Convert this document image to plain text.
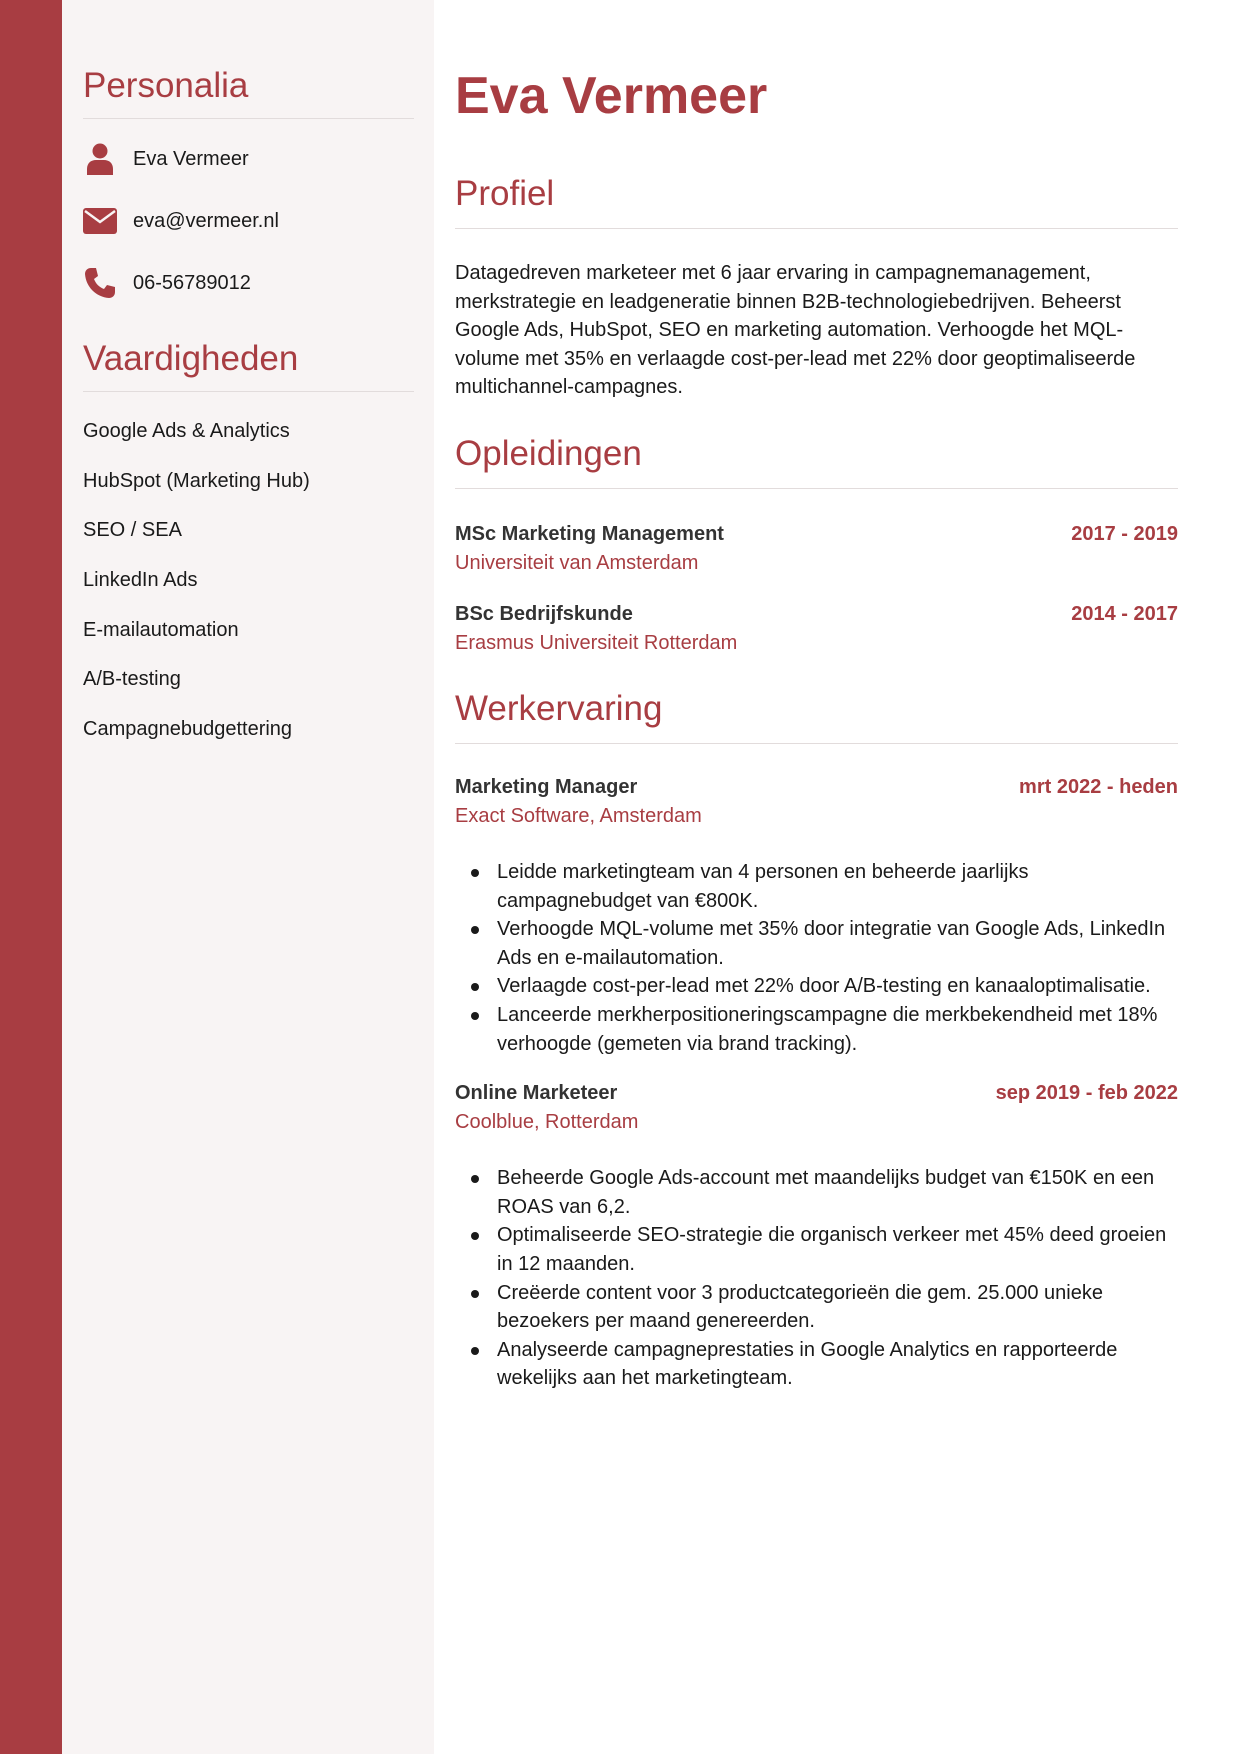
Personalia
Eva Vermeer
eva@vermeer.nl
06-56789012
Vaardigheden
Google Ads & Analytics
HubSpot (Marketing Hub)
SEO / SEA
LinkedIn Ads
E-mailautomation
A/B-testing
Campagnebudgettering
Eva Vermeer
Profiel

Datagedreven marketeer met 6 jaar ervaring in campagnemanagement, merkstrategie en leadgeneratie binnen B2B-technologiebedrijven. Beheerst Google Ads, HubSpot, SEO en marketing automation. Verhoogde het MQL-volume met 35% en verlaagde cost-per-lead met 22% door geoptimaliseerde multichannel-campagnes.

Opleidingen
MSc Marketing Management	2017 - 2019
Universiteit van Amsterdam
BSc Bedrijfskunde	2014 - 2017
Erasmus Universiteit Rotterdam
Werkervaring
Marketing Manager	mrt 2022 - heden
Exact Software, Amsterdam
Leidde marketingteam van 4 personen en beheerde jaarlijks campagnebudget van €800K.
Verhoogde MQL-volume met 35% door integratie van Google Ads, LinkedIn Ads en e-mailautomation.
Verlaagde cost-per-lead met 22% door A/B-testing en kanaaloptimalisatie.
Lanceerde merkherpositioneringscampagne die merkbekendheid met 18% verhoogde (gemeten via brand tracking).
Online Marketeer	sep 2019 - feb 2022
Coolblue, Rotterdam
Beheerde Google Ads-account met maandelijks budget van €150K en een ROAS van 6,2.
Optimaliseerde SEO-strategie die organisch verkeer met 45% deed groeien in 12 maanden.
Creëerde content voor 3 productcategorieën die gem. 25.000 unieke bezoekers per maand genereerden.
Analyseerde campagneprestaties in Google Analytics en rapporteerde wekelijks aan het marketingteam.
